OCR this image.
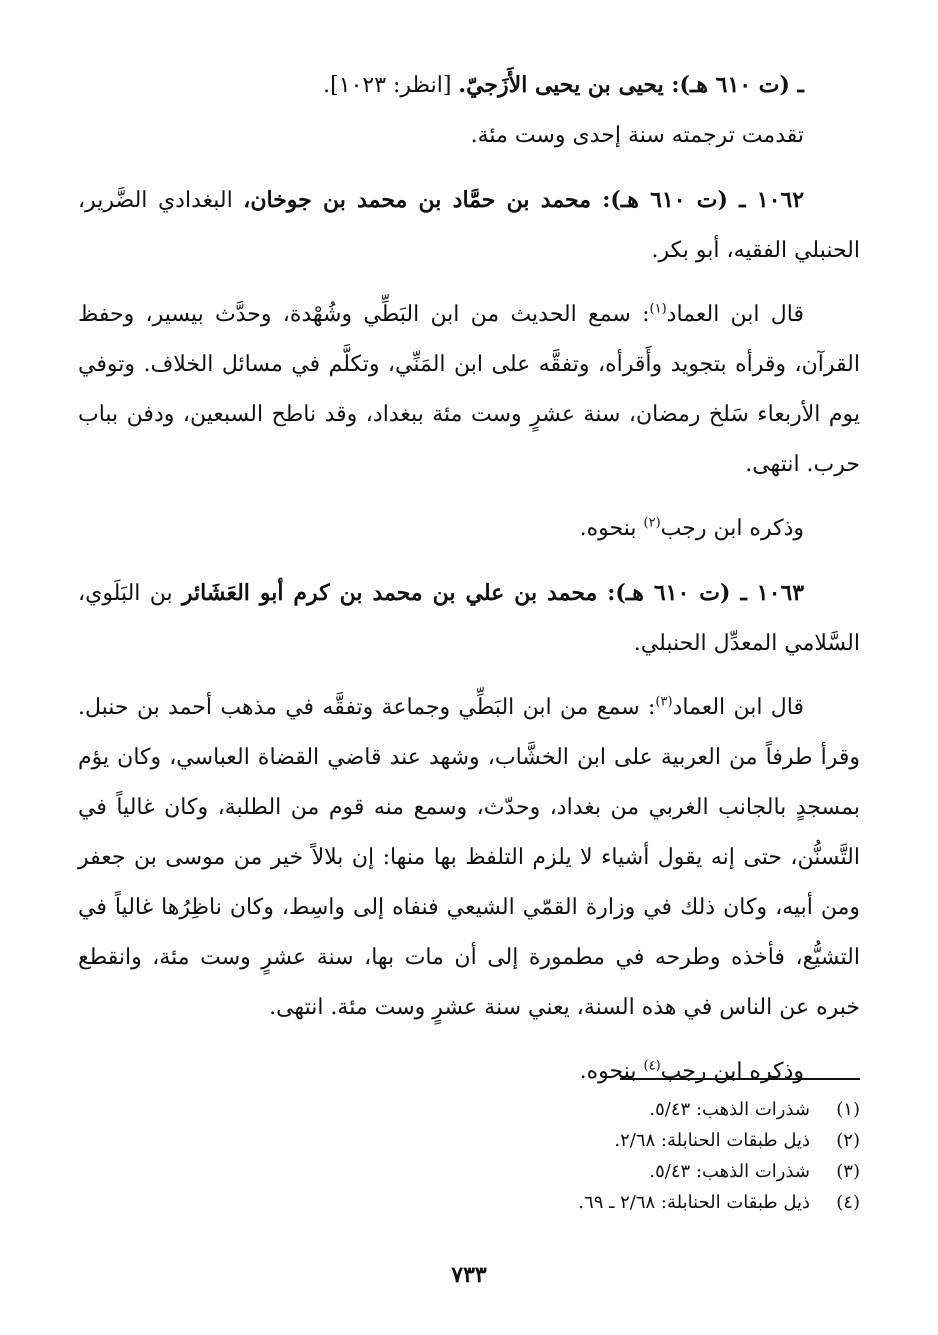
ـ (ت ٦١٠ هـ): يحيى بن يحيى الأَزَجيّ. [انظر: ١٠٢٣].

تقدمت ترجمته سنة إحدى وست مئة.

١٠٦٢ ـ (ت ٦١٠ هـ): محمد بن حمَّاد بن محمد بن جوخان، البغدادي الضَّرير، الحنبلي الفقيه، أبو بكر.

قال ابن العماد$^{(١)}$: سمع الحديث من ابن البَطِّي وشُهْدة، وحدَّث بيسير، وحفظ القرآن، وقرأه بتجويد وأَقرأه، وتفقَّه على ابن المَنِّي، وتكلَّم في مسائل الخلاف. وتوفي يوم الأربعاء سَلخ رمضان، سنة عشرٍ وست مئة ببغداد، وقد ناطح السبعين، ودفن بباب حرب. انتهى.

وذكره ابن رجب$^{(٢)}$ بنحوه.

١٠٦٣ ـ (ت ٦١٠ هـ): محمد بن علي بن محمد بن كرم أبو العَشَائر بن البَلَوي، السَّلامي المعدِّل الحنبلي.

قال ابن العماد$^{(٣)}$: سمع من ابن البَطِّي وجماعة وتفقَّه في مذهب أحمد بن حنبل. وقرأ طرفاً من العربية على ابن الخشَّاب، وشهد عند قاضي القضاة العباسي، وكان يؤم بمسجدٍ بالجانب الغربي من بغداد، وحدّث، وسمع منه قوم من الطلبة، وكان غالياً في التَّسنُّن، حتى إنه يقول أشياء لا يلزم التلفظ بها منها: إن بلالاً خير من موسى بن جعفر ومن أبيه، وكان ذلك في وزارة القمّي الشيعي فنفاه إلى واسِط، وكان ناظِرُها غالياً في التشيُّع، فأخذه وطرحه في مطمورة إلى أن مات بها، سنة عشرٍ وست مئة، وانقطع خبره عن الناس في هذه السنة، يعني سنة عشرٍ وست مئة. انتهى.

وذكره ابن رجب$^{(٤)}$ بنحوه.

(١)
شذرات الذهب: ٥/٤٣.
(٢)
ذيل طبقات الحنابلة: ٢/٦٨.
(٣)
شذرات الذهب: ٥/٤٣.
(٤)
ذيل طبقات الحنابلة: ٢/٦٨ ـ ٦٩.
٧٣٣
